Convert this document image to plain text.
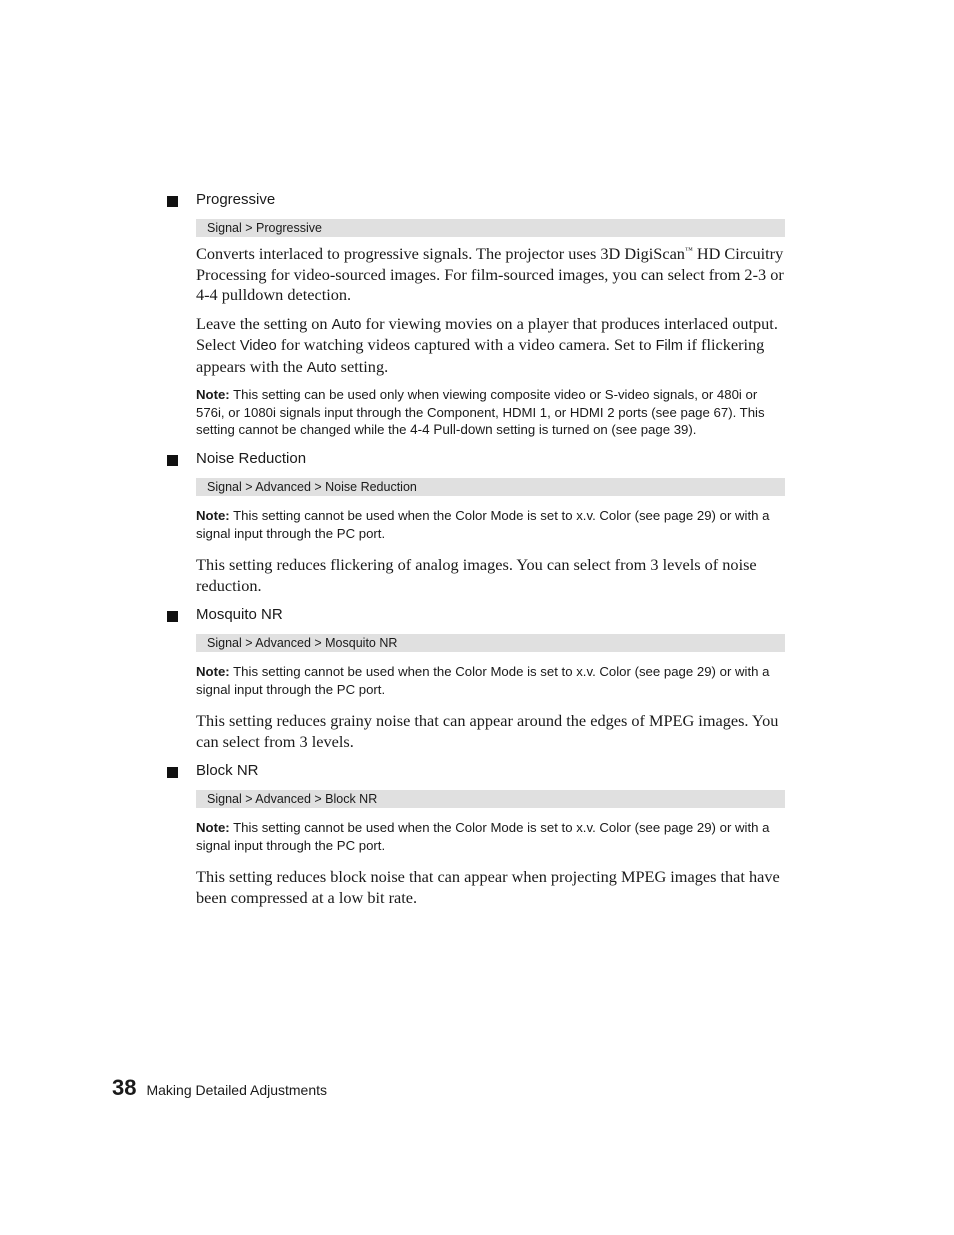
Progressive
Signal > Progressive

Converts interlaced to progressive signals. The projector uses 3D DigiScan™ HD Circuitry Processing for video-sourced images. For film-sourced images, you can select from 2-3 or 4-4 pulldown detection.

Leave the setting on Auto for viewing movies on a player that produces interlaced output. Select Video for watching videos captured with a video camera. Set to Film if flickering appears with the Auto setting.

Note: This setting can be used only when viewing composite video or S-video signals, or 480i or 576i, or 1080i signals input through the Component, HDMI 1, or HDMI 2 ports (see page 67). This setting cannot be changed while the 4-4 Pull-down setting is turned on (see page 39).

Noise Reduction
Signal > Advanced > Noise Reduction

Note: This setting cannot be used when the Color Mode is set to x.v. Color (see page 29) or with a signal input through the PC port.

This setting reduces flickering of analog images. You can select from 3 levels of noise reduction.

Mosquito NR
Signal > Advanced > Mosquito NR

Note: This setting cannot be used when the Color Mode is set to x.v. Color (see page 29) or with a signal input through the PC port.

This setting reduces grainy noise that can appear around the edges of MPEG images. You can select from 3 levels.

Block NR
Signal > Advanced > Block NR

Note: This setting cannot be used when the Color Mode is set to x.v. Color (see page 29) or with a signal input through the PC port.

This setting reduces block noise that can appear when projecting MPEG images that have been compressed at a low bit rate.

38 Making Detailed Adjustments
